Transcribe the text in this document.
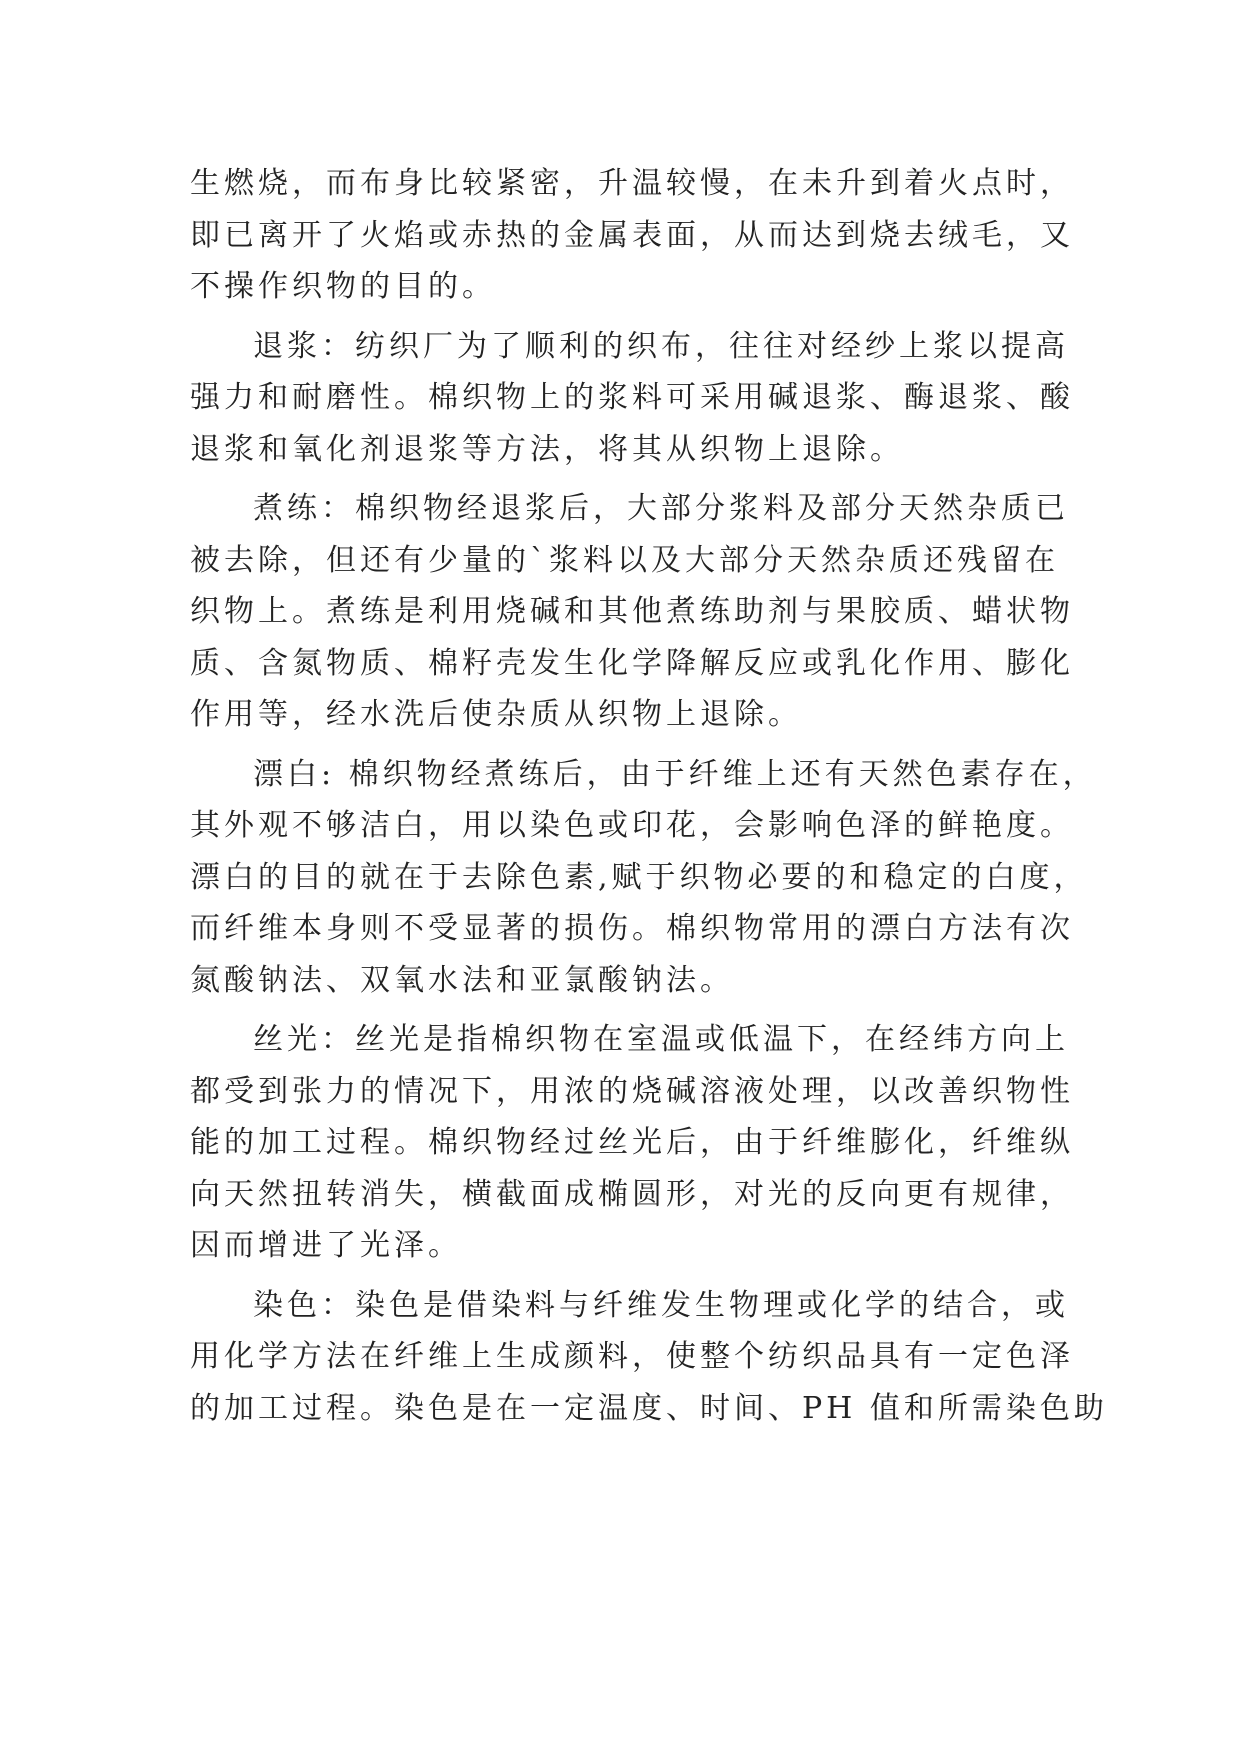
生燃烧，而布身比较紧密，升温较慢，在未升到着火点时，
即已离开了火焰或赤热的金属表面，从而达到烧去绒毛，又
不操作织物的目的。
退浆：纺织厂为了顺利的织布，往往对经纱上浆以提高
强力和耐磨性。棉织物上的浆料可采用碱退浆、酶退浆、酸
退浆和氧化剂退浆等方法，将其从织物上退除。
煮练：棉织物经退浆后，大部分浆料及部分天然杂质已
被去除，但还有少量的`浆料以及大部分天然杂质还残留在
织物上。煮练是利用烧碱和其他煮练助剂与果胶质、蜡状物
质、含氮物质、棉籽壳发生化学降解反应或乳化作用、膨化
作用等，经水洗后使杂质从织物上退除。
漂白: 棉织物经煮练后，由于纤维上还有天然色素存在，
其外观不够洁白，用以染色或印花，会影响色泽的鲜艳度。
漂白的目的就在于去除色素,赋于织物必要的和稳定的白度，
而纤维本身则不受显著的损伤。棉织物常用的漂白方法有次
氮酸钠法、双氧水法和亚氯酸钠法。
丝光：丝光是指棉织物在室温或低温下，在经纬方向上
都受到张力的情况下，用浓的烧碱溶液处理，以改善织物性
能的加工过程。棉织物经过丝光后，由于纤维膨化，纤维纵
向天然扭转消失，横截面成椭圆形，对光的反向更有规律，
因而增进了光泽。
染色：染色是借染料与纤维发生物理或化学的结合，或
用化学方法在纤维上生成颜料，使整个纺织品具有一定色泽
的加工过程。染色是在一定温度、时间、PH 值和所需染色助
